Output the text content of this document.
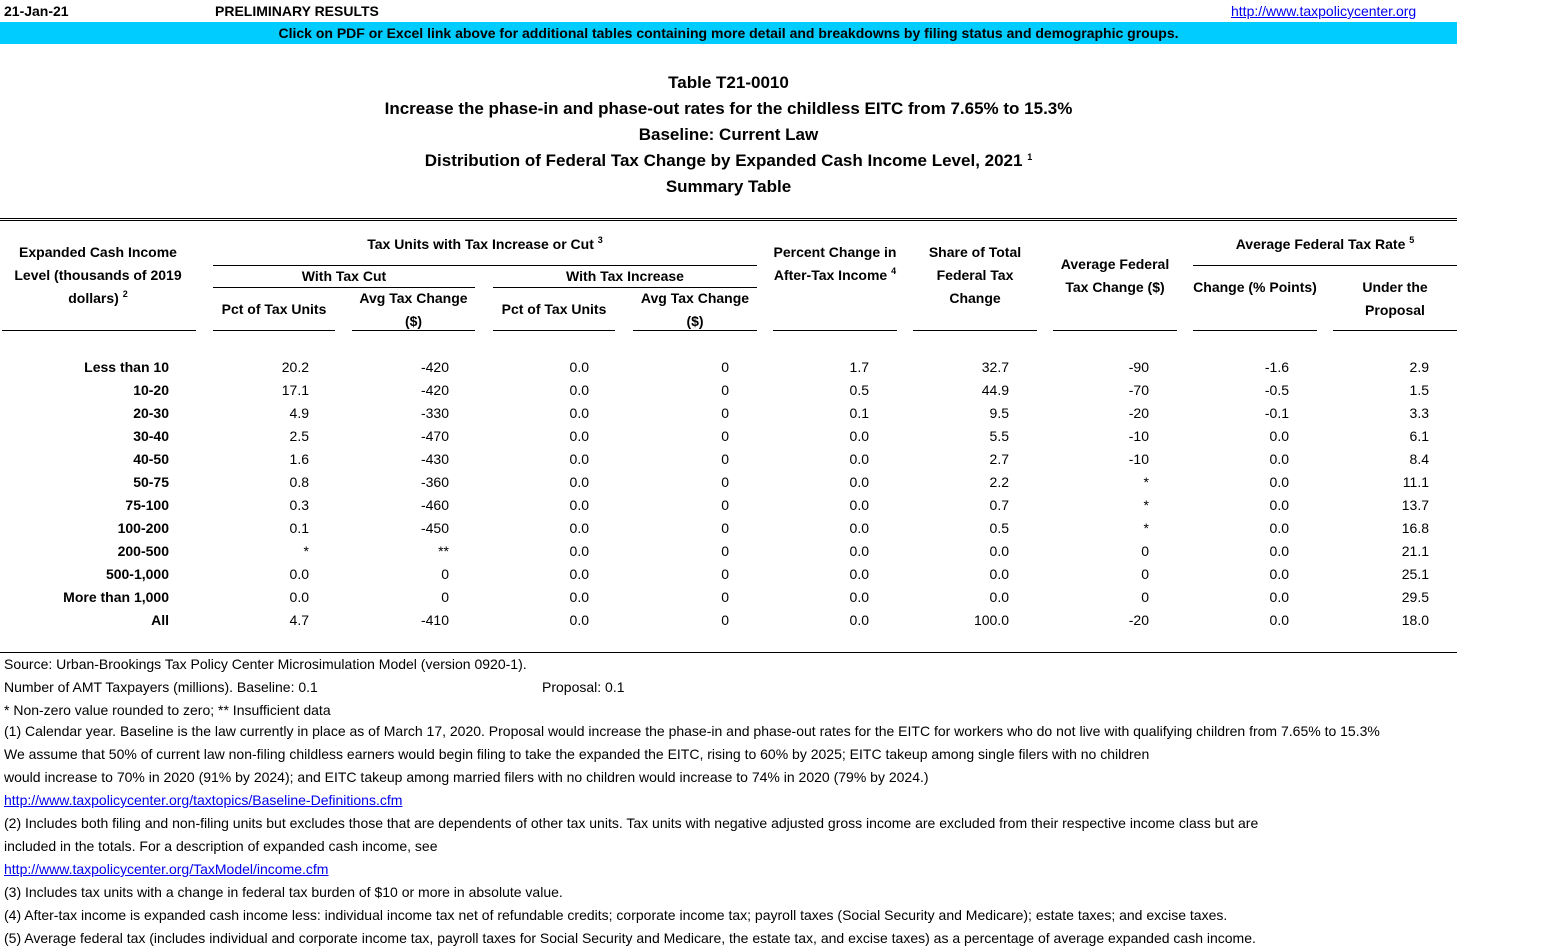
21-Jan-21	PRELIMINARY RESULTS	http://www.taxpolicycenter.org
Click on PDF or Excel link above for additional tables containing more detail and breakdowns by filing status and demographic groups.
Table T21-0010
Increase the phase-in and phase-out rates for the childless EITC from 7.65% to 15.3%
Baseline: Current Law
Distribution of Federal Tax Change by Expanded Cash Income Level, 2021 $^1$
Summary Table
Expanded Cash Income Level (thousands of 2019 dollars) $^2$
Tax Units with Tax Increase or Cut $^3$
With Tax Cut	With Tax Increase
Pct of Tax Units
Avg Tax Change ($)
Pct of Tax Units
Avg Tax Change ($)
Percent Change in After-Tax Income $^4$
Share of Total Federal Tax Change
Average Federal Tax Change ($)
Average Federal Tax Rate $^5$
Change (% Points)	Under the Proposal
Less than 10	20.2	-420	0.0	0	1.7	32.7	-90	-1.6	2.9
10-20	17.1	-420	0.0	0	0.5	44.9	-70	-0.5	1.5
20-30	4.9	-330	0.0	0	0.1	9.5	-20	-0.1	3.3
30-40	2.5	-470	0.0	0	0.0	5.5	-10	0.0	6.1
40-50	1.6	-430	0.0	0	0.0	2.7	-10	0.0	8.4
50-75	0.8	-360	0.0	0	0.0	2.2	*	0.0	11.1
75-100	0.3	-460	0.0	0	0.0	0.7	*	0.0	13.7
100-200	0.1	-450	0.0	0	0.0	0.5	*	0.0	16.8
200-500	*	**	0.0	0	0.0	0.0	0	0.0	21.1
500-1,000	0.0	0	0.0	0	0.0	0.0	0	0.0	25.1
More than 1,000	0.0	0	0.0	0	0.0	0.0	0	0.0	29.5
All	4.7	-410	0.0	0	0.0	100.0	-20	0.0	18.0
Source: Urban-Brookings Tax Policy Center Microsimulation Model (version 0920-1).
Number of AMT Taxpayers (millions). Baseline: 0.1	Proposal: 0.1
* Non-zero value rounded to zero; ** Insufficient data
(1) Calendar year. Baseline is the law currently in place as of March 17, 2020. Proposal would increase the phase-in and phase-out rates for the EITC for workers who do not live with qualifying children from 7.65% to 15.3%
We assume that 50% of current law non-filing childless earners would begin filing to take the expanded the EITC, rising to 60% by 2025; EITC takeup among single filers with no children
would increase to 70% in 2020 (91% by 2024); and EITC takeup among married filers with no children would increase to 74% in 2020 (79% by 2024.)
http://www.taxpolicycenter.org/taxtopics/Baseline-Definitions.cfm
(2) Includes both filing and non-filing units but excludes those that are dependents of other tax units. Tax units with negative adjusted gross income are excluded from their respective income class but are
included in the totals. For a description of expanded cash income, see
http://www.taxpolicycenter.org/TaxModel/income.cfm
(3) Includes tax units with a change in federal tax burden of $10 or more in absolute value.
(4) After-tax income is expanded cash income less: individual income tax net of refundable credits; corporate income tax; payroll taxes (Social Security and Medicare); estate taxes; and excise taxes.
(5) Average federal tax (includes individual and corporate income tax, payroll taxes for Social Security and Medicare, the estate tax, and excise taxes) as a percentage of average expanded cash income.
